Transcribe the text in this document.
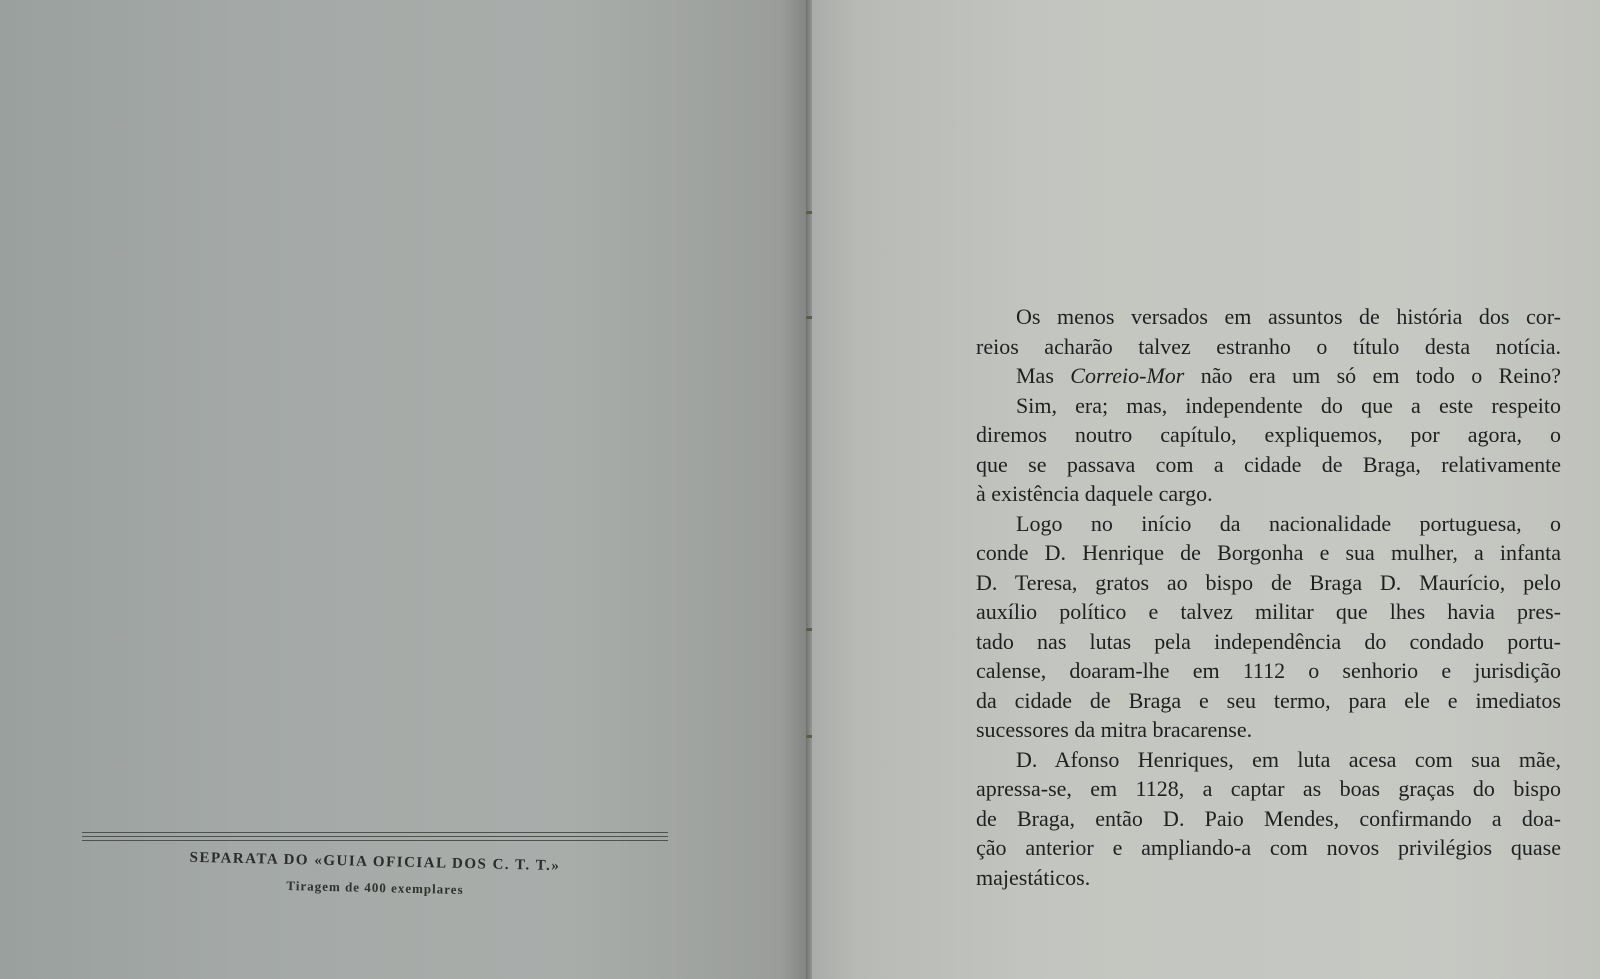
SEPARATA DO «GUIA OFICIAL DOS C. T. T.»
Tiragem de 400 exemplares
Os menos versados em assuntos de história dos cor-
reios acharão talvez estranho o título desta notícia.
Mas Correio-Mor não era um só em todo o Reino?
Sim, era; mas, independente do que a este respeito
diremos noutro capítulo, expliquemos, por agora, o
que se passava com a cidade de Braga, relativamente
à existência daquele cargo.
Logo no início da nacionalidade portuguesa, o
conde D. Henrique de Borgonha e sua mulher, a infanta
D. Teresa, gratos ao bispo de Braga D. Maurício, pelo
auxílio político e talvez militar que lhes havia pres-
tado nas lutas pela independência do condado portu-
calense, doaram-lhe em 1112 o senhorio e jurisdição
da cidade de Braga e seu termo, para ele e imediatos
sucessores da mitra bracarense.
D. Afonso Henriques, em luta acesa com sua mãe,
apressa-se, em 1128, a captar as boas graças do bispo
de Braga, então D. Paio Mendes, confirmando a doa-
ção anterior e ampliando-a com novos privilégios quase
majestáticos.
